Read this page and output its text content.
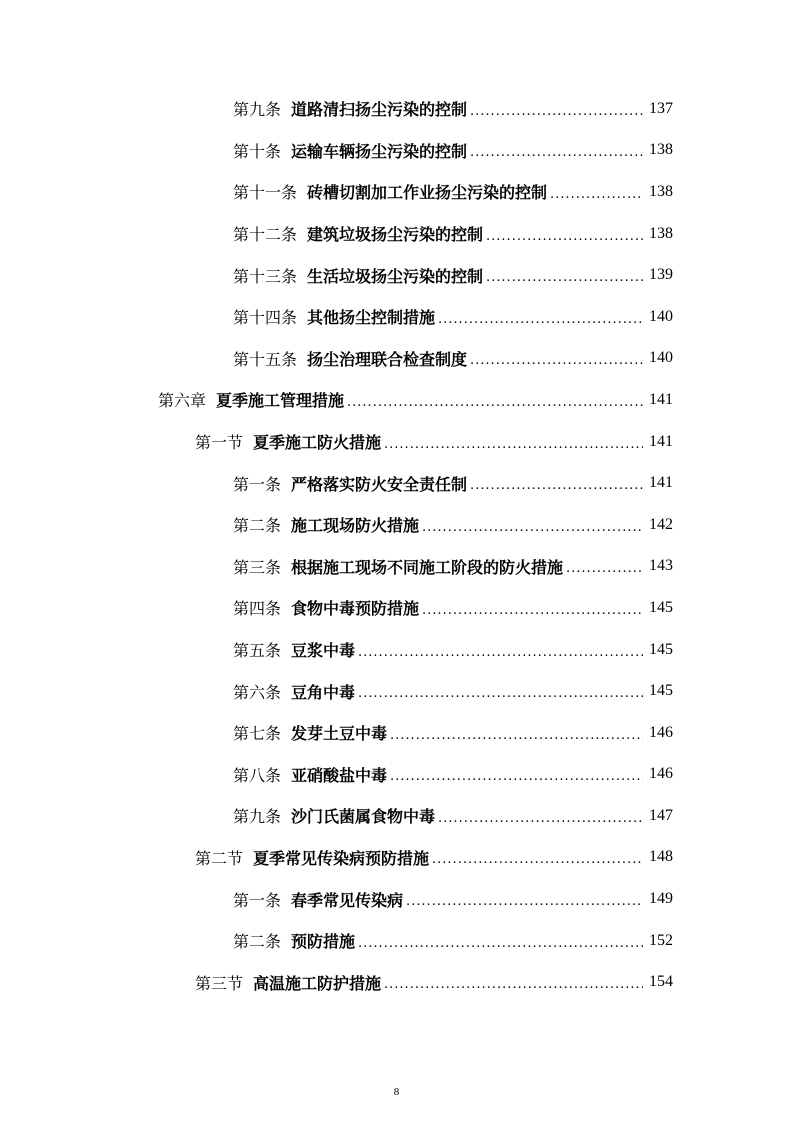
第九条 道路清扫扬尘污染的控制 .....	137
第十条 运输车辆扬尘污染的控制 .....	138
第十一条 砖槽切割加工作业扬尘污染的控制 .....	138
第十二条 建筑垃圾扬尘污染的控制 .....	138
第十三条 生活垃圾扬尘污染的控制 .....	139
第十四条 其他扬尘控制措施 .....	140
第十五条 扬尘治理联合检查制度 .....	140
第六章 夏季施工管理措施 .....	141
第一节 夏季施工防火措施 .....	141
第一条 严格落实防火安全责任制 .....	141
第二条 施工现场防火措施 .....	142
第三条 根据施工现场不同施工阶段的防火措施 .....	143
第四条 食物中毒预防措施 .....	145
第五条 豆浆中毒 .....	145
第六条 豆角中毒 .....	145
第七条 发芽土豆中毒 .....	146
第八条 亚硝酸盐中毒 .....	146
第九条 沙门氏菌属食物中毒 .....	147
第二节 夏季常见传染病预防措施 .....	148
第一条 春季常见传染病 .....	149
第二条 预防措施 .....	152
第三节 高温施工防护措施 .....	154
8
